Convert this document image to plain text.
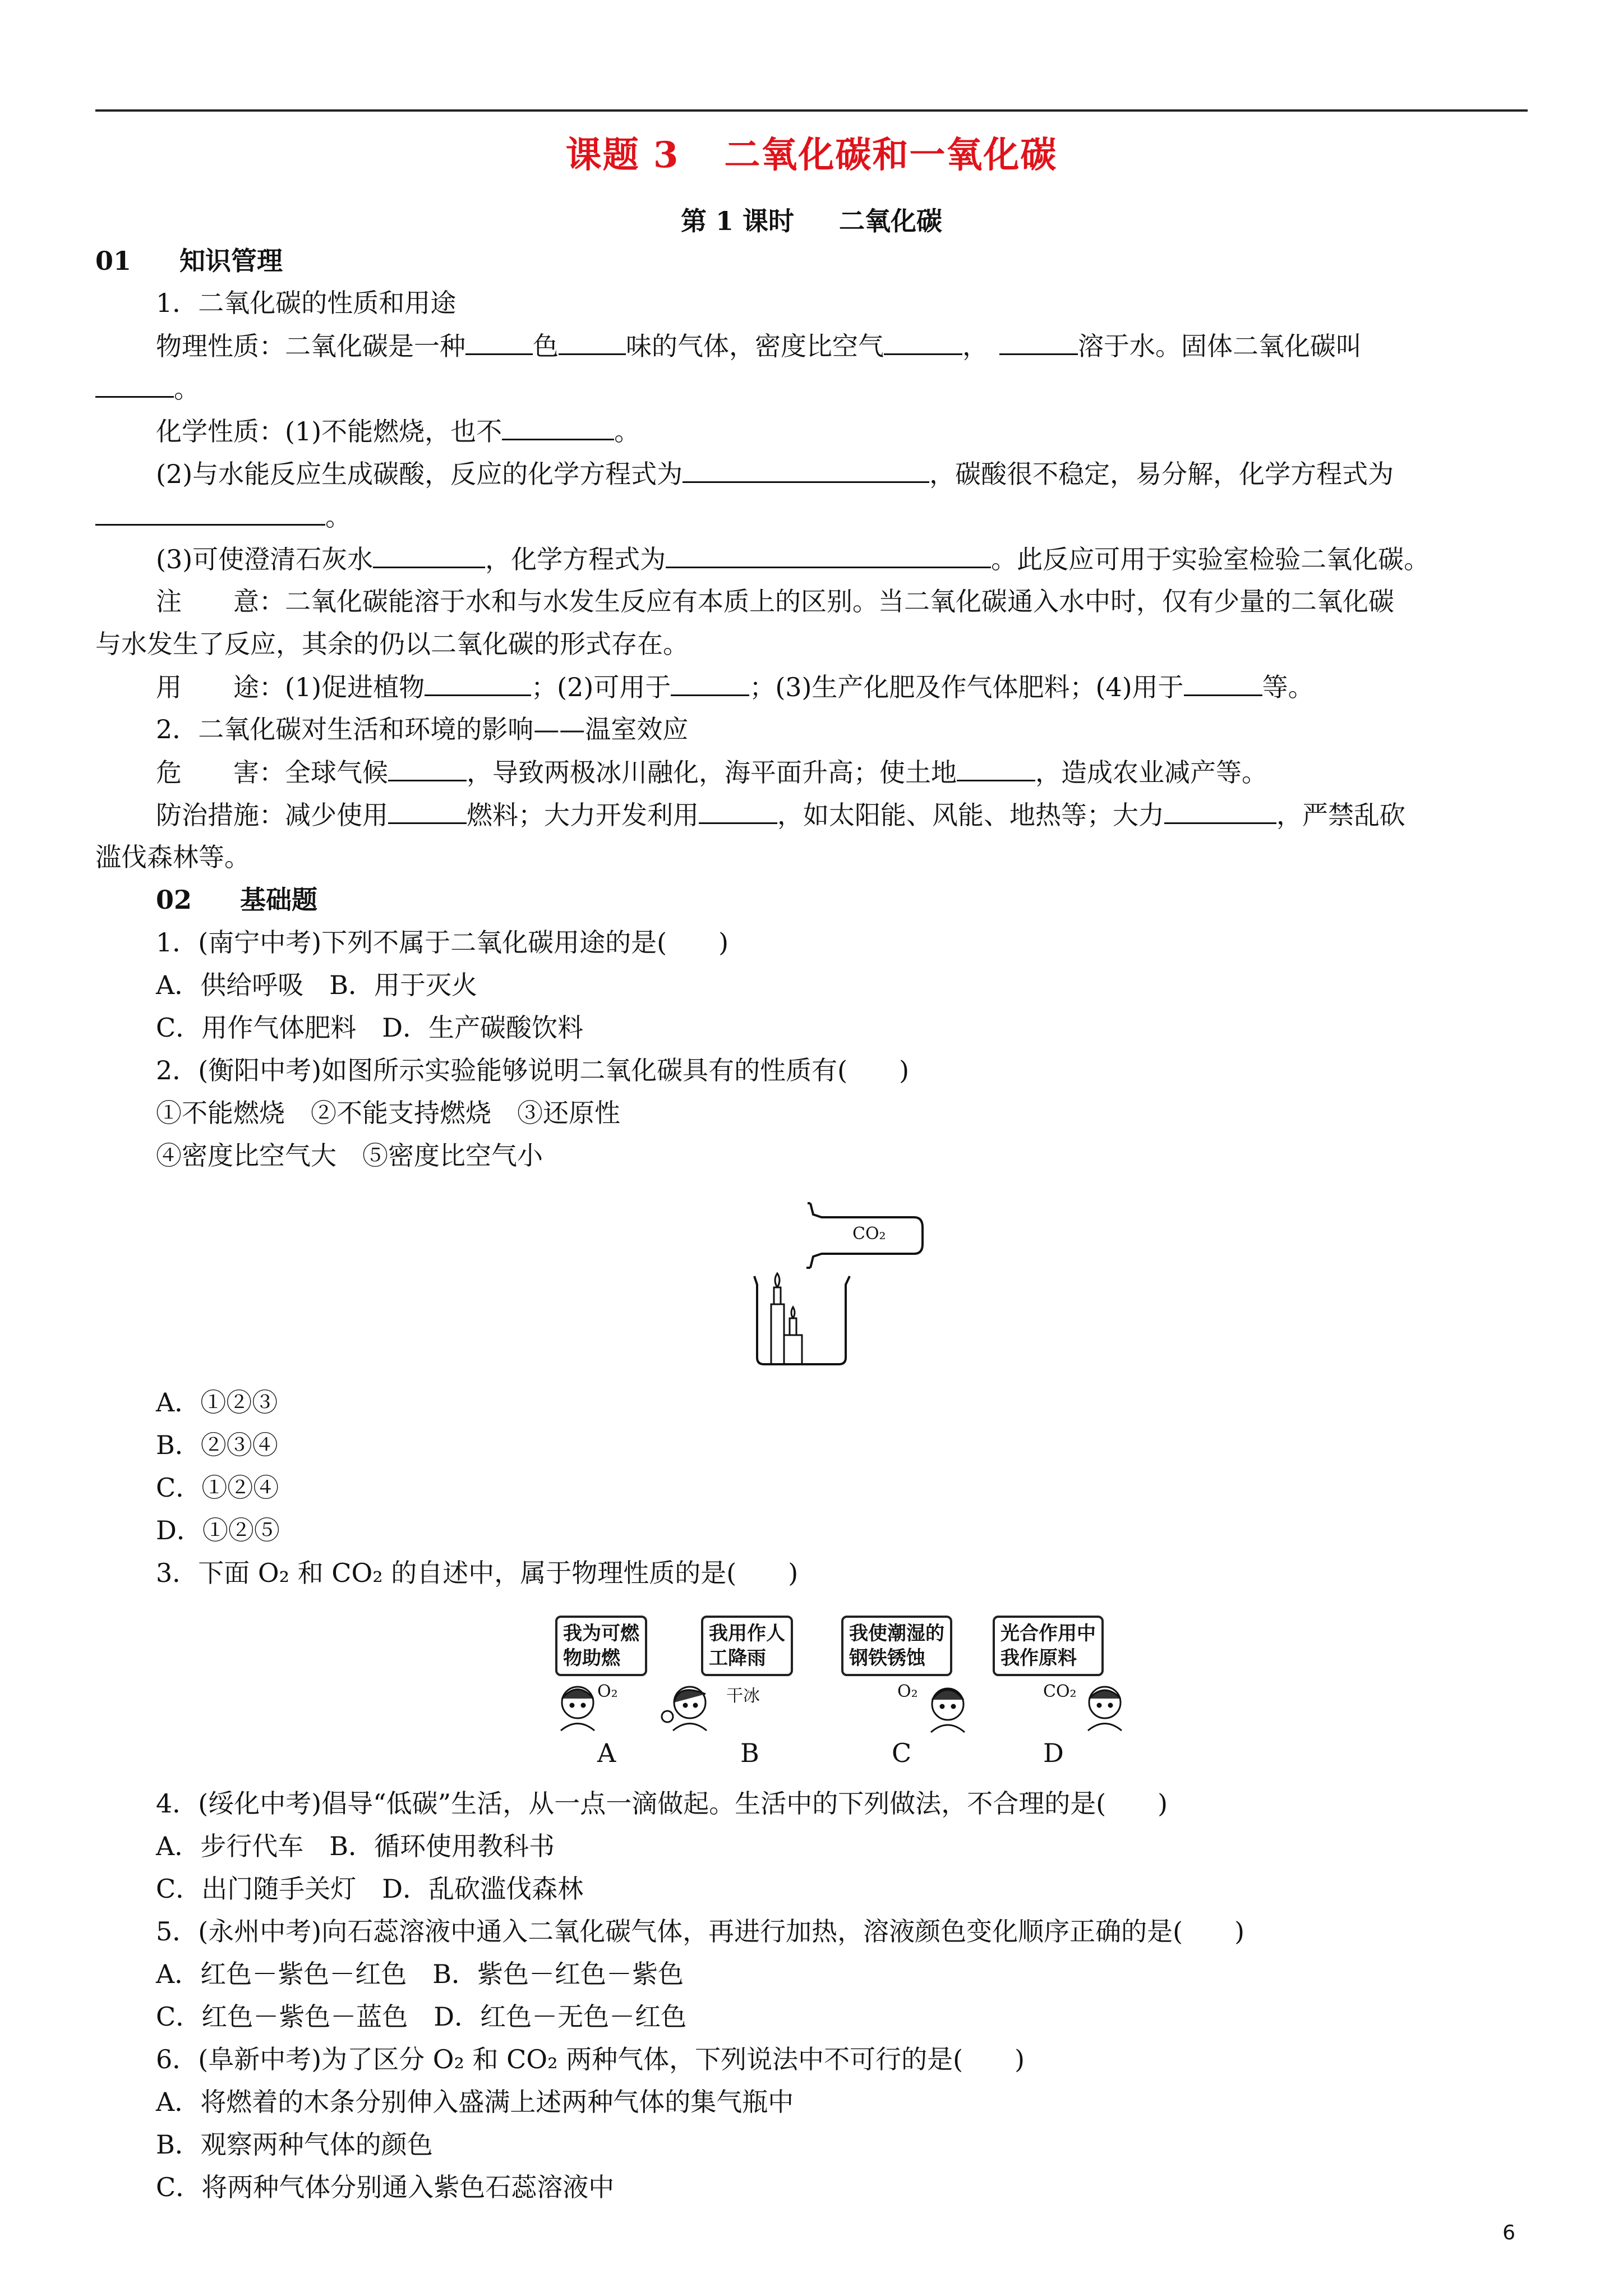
课题 3 二氧化碳和一氧化碳
第 1 课时 二氧化碳
01 知识管理
1．二氧化碳的性质和用途
物理性质：二氧化碳是一种	色	味的气体，密度比空气	，	溶于水。固体二氧化碳叫
。
化学性质：(1)不能燃烧，也不	。
(2)与水能反应生成碳酸，反应的化学方程式为	，碳酸很不稳定，易分解，化学方程式为
。
(3)可使澄清石灰水	，化学方程式为	。此反应可用于实验室检验二氧化碳。
注　　意：二氧化碳能溶于水和与水发生反应有本质上的区别。当二氧化碳通入水中时，仅有少量的二氧化碳
与水发生了反应，其余的仍以二氧化碳的形式存在。
用　　途：(1)促进植物	；(2)可用于	；(3)生产化肥及作气体肥料；(4)用于	等。
2．二氧化碳对生活和环境的影响——温室效应
危　　害：全球气候	，导致两极冰川融化，海平面升高；使土地	，造成农业减产等。
防治措施：减少使用	燃料；大力开发利用	，如太阳能、风能、地热等；大力	，严禁乱砍
滥伐森林等。
02 基础题
1．(南宁中考)下列不属于二氧化碳用途的是(　　)
A．供给呼吸　B．用于灭火
C．用作气体肥料　D．生产碳酸饮料
2．(衡阳中考)如图所示实验能够说明二氧化碳具有的性质有(　　)
①不能燃烧　②不能支持燃烧　③还原性
④密度比空气大　⑤密度比空气小
CO₂
A．①②③
B．②③④
C．①②④
D．①②⑤
3．下面 O₂ 和 CO₂ 的自述中，属于物理性质的是(　　)
我为可燃
物助燃
我用作人
工降雨
我使潮湿的
钢铁锈蚀
光合作用中
我作原料
O₂	干冰	O₂	CO₂
A	B	C	D
4．(绥化中考)倡导“低碳”生活，从一点一滴做起。生活中的下列做法，不合理的是(　　)
A．步行代车　B．循环使用教科书
C．出门随手关灯　D．乱砍滥伐森林
5．(永州中考)向石蕊溶液中通入二氧化碳气体，再进行加热，溶液颜色变化顺序正确的是(　　)
A．红色－紫色－红色　B．紫色－红色－紫色
C．红色－紫色－蓝色　D．红色－无色－红色
6．(阜新中考)为了区分 O₂ 和 CO₂ 两种气体，下列说法中不可行的是(　　)
A．将燃着的木条分别伸入盛满上述两种气体的集气瓶中
B．观察两种气体的颜色
C．将两种气体分别通入紫色石蕊溶液中
6
